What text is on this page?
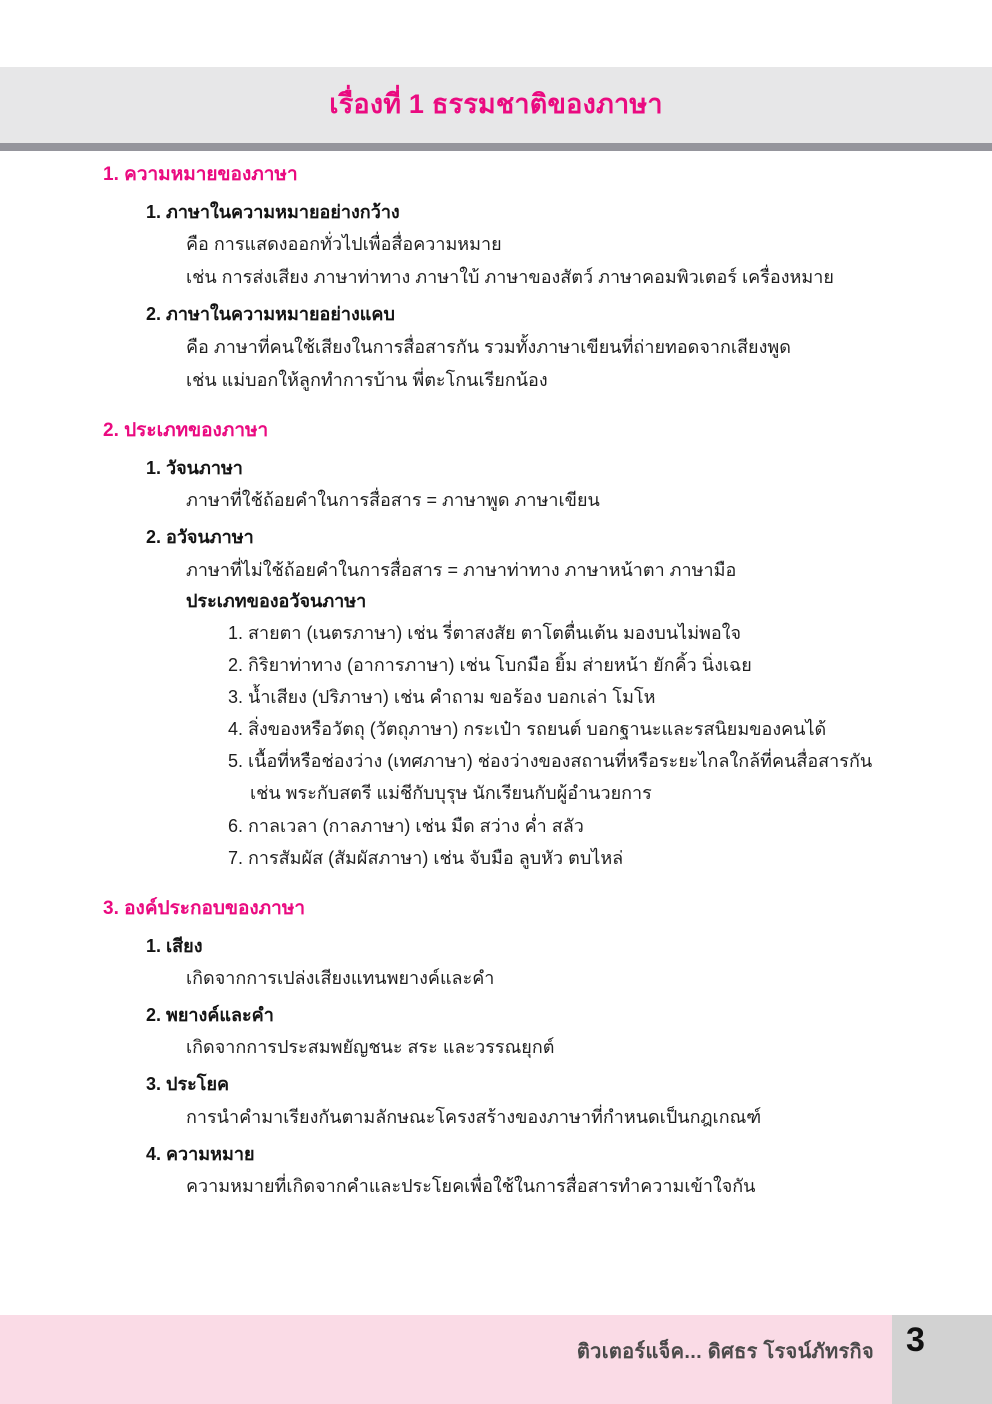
เรื่องที่ 1 ธรรมชาติของภาษา
1. ความหมายของภาษา
1. ภาษาในความหมายอย่างกว้าง
คือ การแสดงออกทั่วไปเพื่อสื่อความหมาย
เช่น การส่งเสียง ภาษาท่าทาง ภาษาใบ้ ภาษาของสัตว์ ภาษาคอมพิวเตอร์ เครื่องหมาย
2. ภาษาในความหมายอย่างแคบ
คือ ภาษาที่คนใช้เสียงในการสื่อสารกัน รวมทั้งภาษาเขียนที่ถ่ายทอดจากเสียงพูด
เช่น แม่บอกให้ลูกทำการบ้าน พี่ตะโกนเรียกน้อง
2. ประเภทของภาษา
1. วัจนภาษา
ภาษาที่ใช้ถ้อยคำในการสื่อสาร = ภาษาพูด ภาษาเขียน
2. อวัจนภาษา
ภาษาที่ไม่ใช้ถ้อยคำในการสื่อสาร = ภาษาท่าทาง ภาษาหน้าตา ภาษามือ
ประเภทของอวัจนภาษา
1. สายตา (เนตรภาษา) เช่น รี่ตาสงสัย ตาโตตื่นเต้น มองบนไม่พอใจ
2. กิริยาท่าทาง (อาการภาษา) เช่น โบกมือ ยิ้ม ส่ายหน้า ยักคิ้ว นิ่งเฉย
3. น้ำเสียง (ปริภาษา) เช่น คำถาม ขอร้อง บอกเล่า โมโห
4. สิ่งของหรือวัตถุ (วัตถุภาษา) กระเป๋า รถยนต์ บอกฐานะและรสนิยมของคนได้
5. เนื้อที่หรือช่องว่าง (เทศภาษา) ช่องว่างของสถานที่หรือระยะไกลใกล้ที่คนสื่อสารกัน
เช่น พระกับสตรี แม่ชีกับบุรุษ นักเรียนกับผู้อำนวยการ
6. กาลเวลา (กาลภาษา) เช่น มืด สว่าง ค่ำ สลัว
7. การสัมผัส (สัมผัสภาษา) เช่น จับมือ ลูบหัว ตบไหล่
3. องค์ประกอบของภาษา
1. เสียง
เกิดจากการเปล่งเสียงแทนพยางค์และคำ
2. พยางค์และคำ
เกิดจากการประสมพยัญชนะ สระ และวรรณยุกต์
3. ประโยค
การนำคำมาเรียงกันตามลักษณะโครงสร้างของภาษาที่กำหนดเป็นกฎเกณฑ์
4. ความหมาย
ความหมายที่เกิดจากคำและประโยคเพื่อใช้ในการสื่อสารทำความเข้าใจกัน
ติวเตอร์แจ็ค... ดิศธร โรจน์ภัทรกิจ 3
